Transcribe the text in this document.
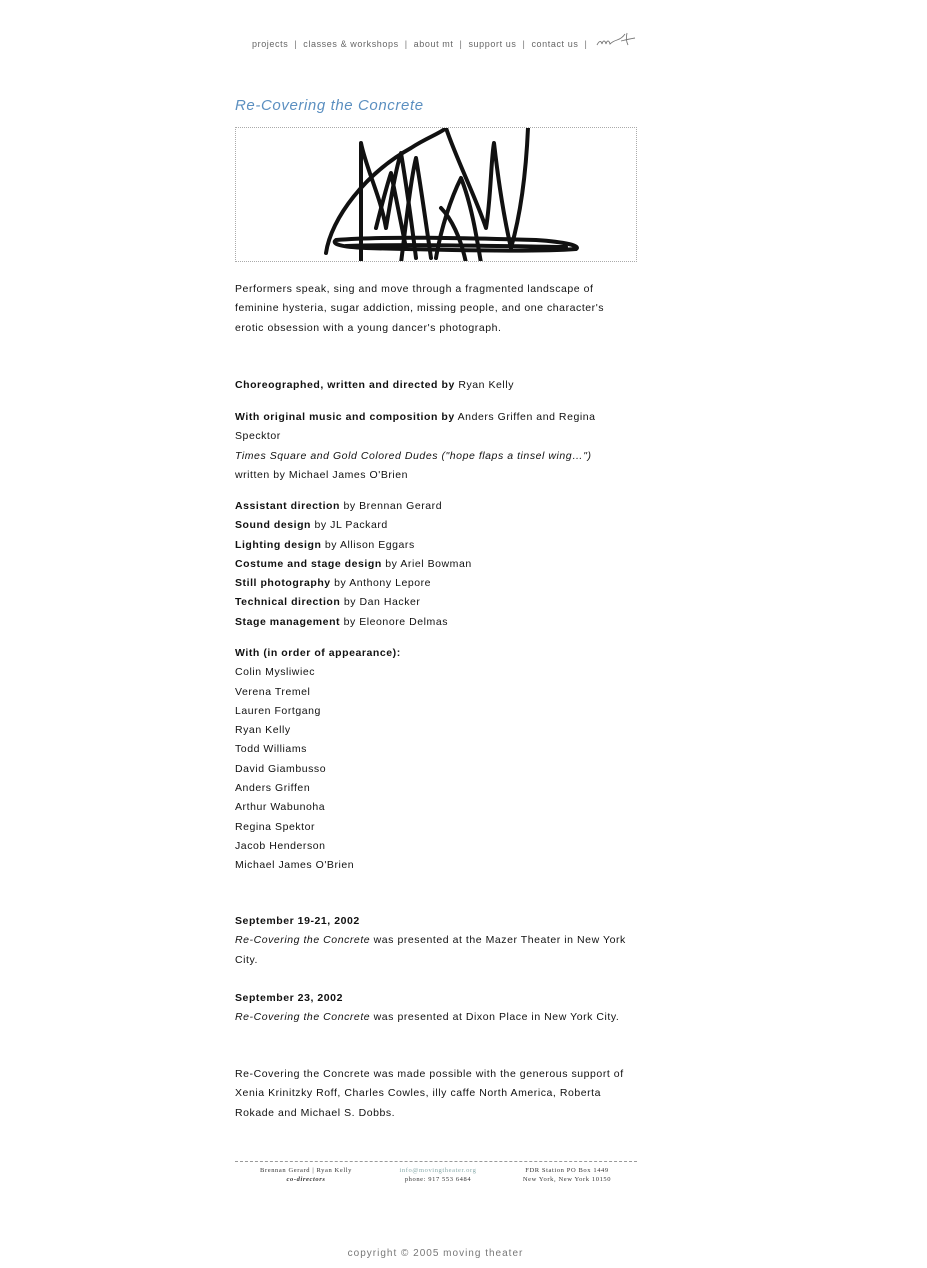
projects | classes & workshops | about mt | support us | contact us |
Re-Covering the Concrete

Performers speak, sing and move through a fragmented landscape of feminine hysteria, sugar addiction, missing people, and one character's erotic obsession with a young dancer's photograph.

Choreographed, written and directed by Ryan Kelly

With original music and composition by Anders Griffen and Regina Specktor

Times Square and Gold Colored Dudes ("hope flaps a tinsel wing…")

written by Michael James O'Brien

Assistant direction by Brennan Gerard

Sound design by JL Packard

Lighting design by Allison Eggars

Costume and stage design by Ariel Bowman

Still photography by Anthony Lepore

Technical direction by Dan Hacker

Stage management by Eleonore Delmas

With (in order of appearance):

Colin Mysliwiec

Verena Tremel

Lauren Fortgang

Ryan Kelly

Todd Williams

David Giambusso

Anders Griffen

Arthur Wabunoha

Regina Spektor

Jacob Henderson

Michael James O'Brien

September 19-21, 2002

Re-Covering the Concrete was presented at the Mazer Theater in New York City.

September 23, 2002

Re-Covering the Concrete was presented at Dixon Place in New York City.

Re-Covering the Concrete was made possible with the generous support of Xenia Krinitzky Roff, Charles Cowles, illy caffe North America, Roberta Rokade and Michael S. Dobbs.

Brennan Gerard | Ryan Kelly
co-directors
info@movingtheater.org
phone: 917 553 6484
FDR Station PO Box 1449
New York, New York 10150
copyright © 2005 moving theater
